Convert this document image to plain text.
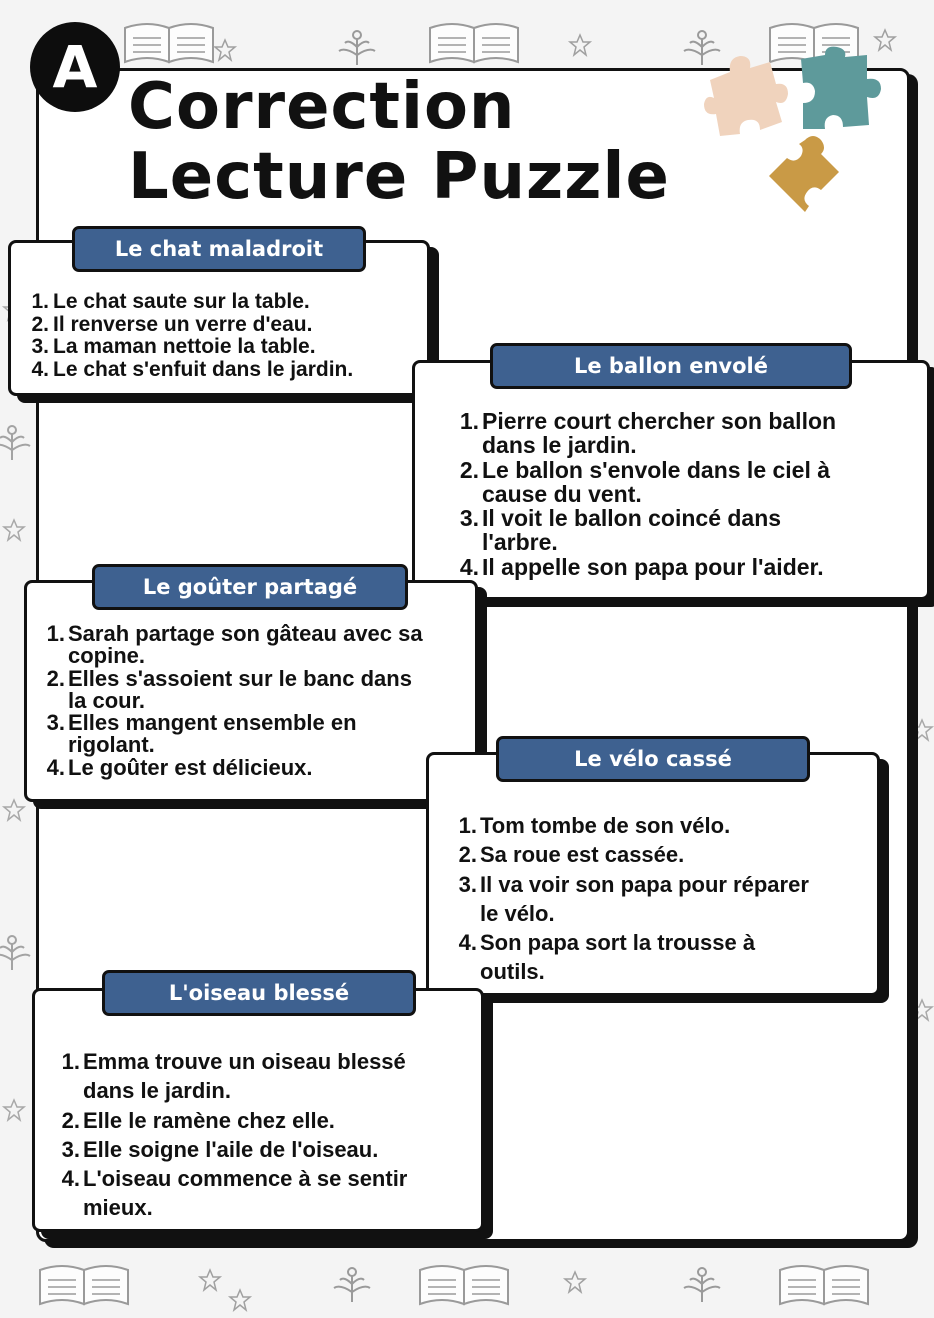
A
Correction
Lecture Puzzle
1. Le chat saute sur la table.
2. Il renverse un verre d'eau.
3. La maman nettoie la table.
4. Le chat s'enfuit dans le jardin.
Le chat maladroit
1. Pierre court chercher son ballon
dans le jardin.
2. Le ballon s'envole dans le ciel à
cause du vent.
3. Il voit le ballon coincé dans
l'arbre.
4. Il appelle son papa pour l'aider.
Le ballon envolé
1. Sarah partage son gâteau avec sa
copine.
2. Elles s'assoient sur le banc dans
la cour.
3. Elles mangent ensemble en
rigolant.
4. Le goûter est délicieux.
Le goûter partagé
1. Tom tombe de son vélo.
2. Sa roue est cassée.
3. Il va voir son papa pour réparer
le vélo.
4. Son papa sort la trousse à
outils.
Le vélo cassé
1. Emma trouve un oiseau blessé
dans le jardin.
2. Elle le ramène chez elle.
3. Elle soigne l'aile de l'oiseau.
4. L'oiseau commence à se sentir
mieux.
L'oiseau blessé
